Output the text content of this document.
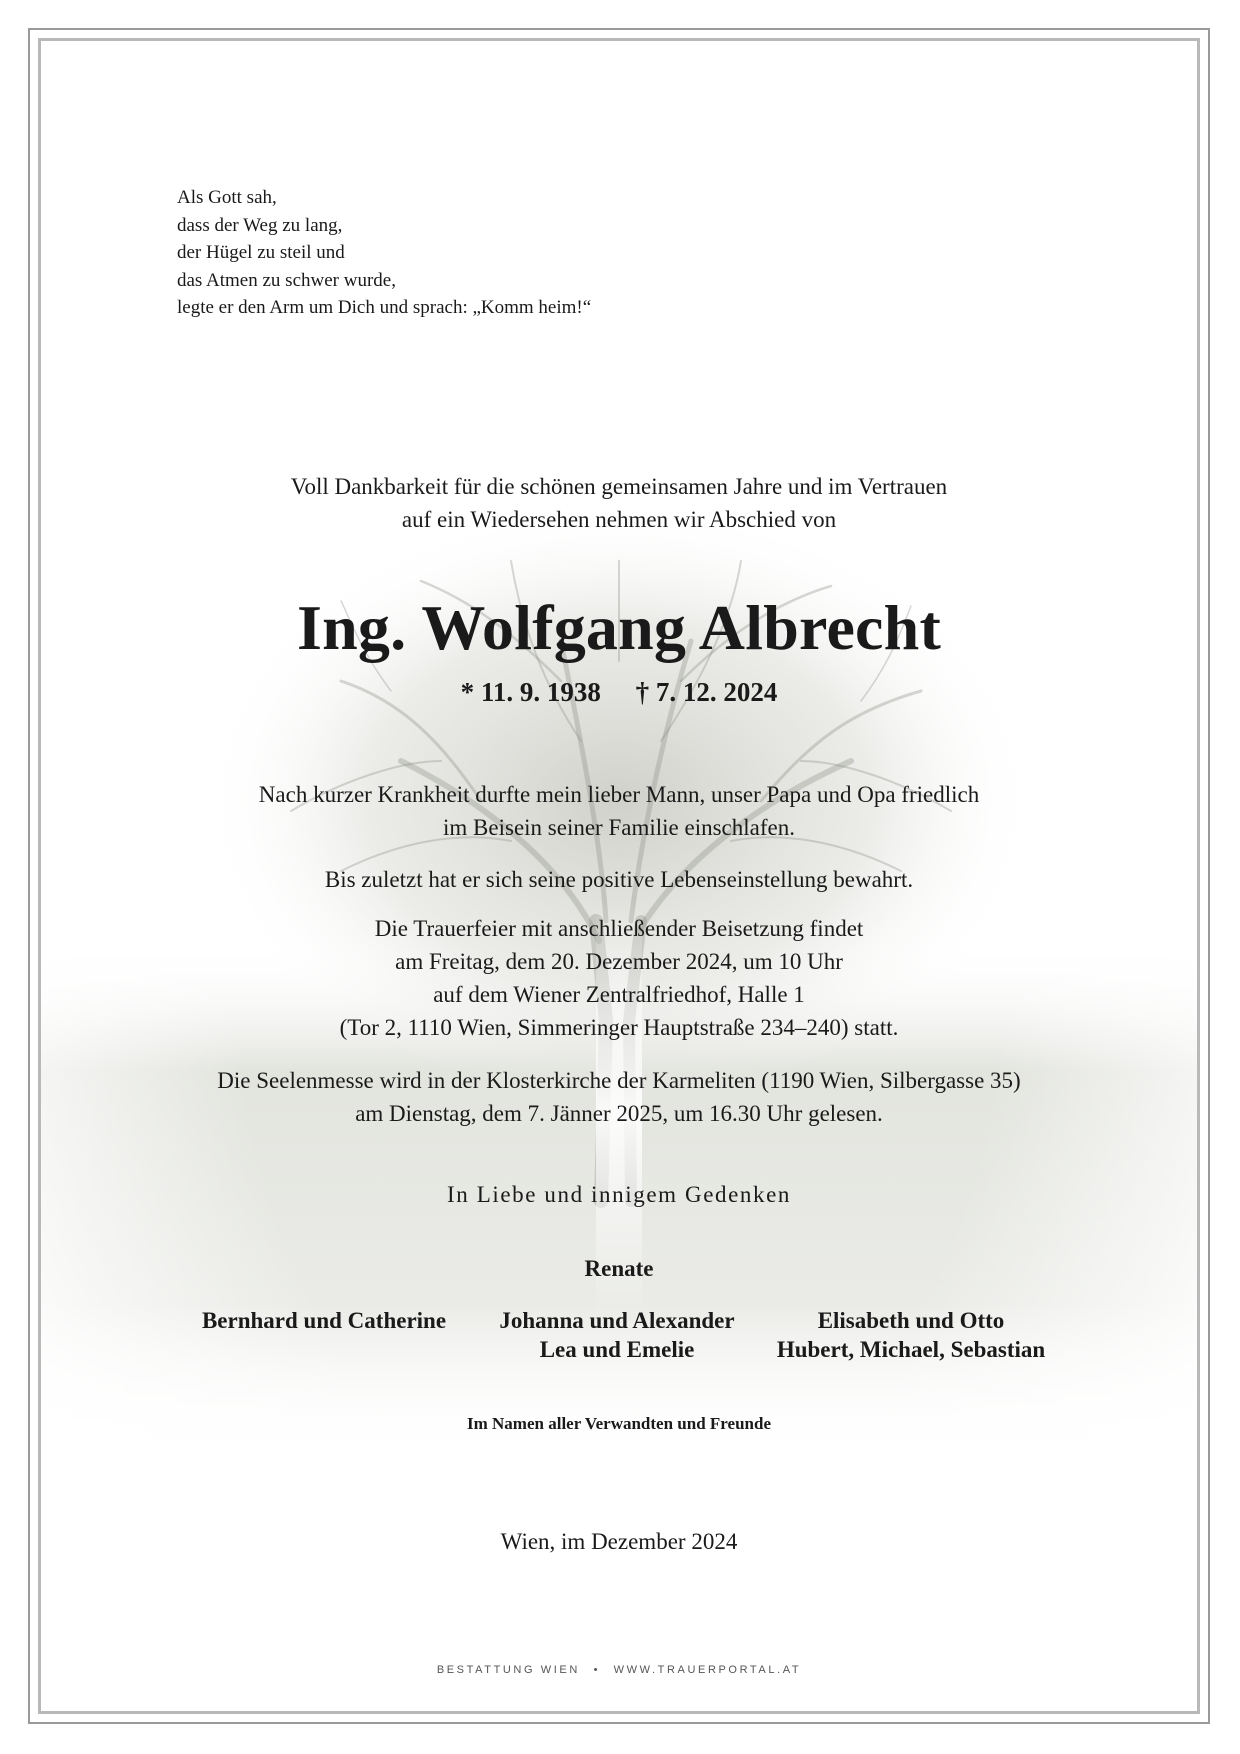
Als Gott sah,
dass der Weg zu lang,
der Hügel zu steil und
das Atmen zu schwer wurde,
legte er den Arm um Dich und sprach: „Komm heim!“
Voll Dankbarkeit für die schönen gemeinsamen Jahre und im Vertrauen
auf ein Wiedersehen nehmen wir Abschied von
Ing. Wolfgang Albrecht
* 11. 9. 1938 † 7. 12. 2024
Nach kurzer Krankheit durfte mein lieber Mann, unser Papa und Opa friedlich
im Beisein seiner Familie einschlafen.
Bis zuletzt hat er sich seine positive Lebenseinstellung bewahrt.
Die Trauerfeier mit anschließender Beisetzung findet
am Freitag, dem 20. Dezember 2024, um 10 Uhr
auf dem Wiener Zentralfriedhof, Halle 1
(Tor 2, 1110 Wien, Simmeringer Hauptstraße 234–240) statt.
Die Seelenmesse wird in der Klosterkirche der Karmeliten (1190 Wien, Silbergasse 35)
am Dienstag, dem 7. Jänner 2025, um 16.30 Uhr gelesen.
In Liebe und innigem Gedenken
Renate
Bernhard und Catherine	Johanna und Alexander
Lea und Emelie
Elisabeth und Otto
Hubert, Michael, Sebastian
Im Namen aller Verwandten und Freunde
Wien, im Dezember 2024
BESTATTUNG WIEN • WWW.TRAUERPORTAL.AT
